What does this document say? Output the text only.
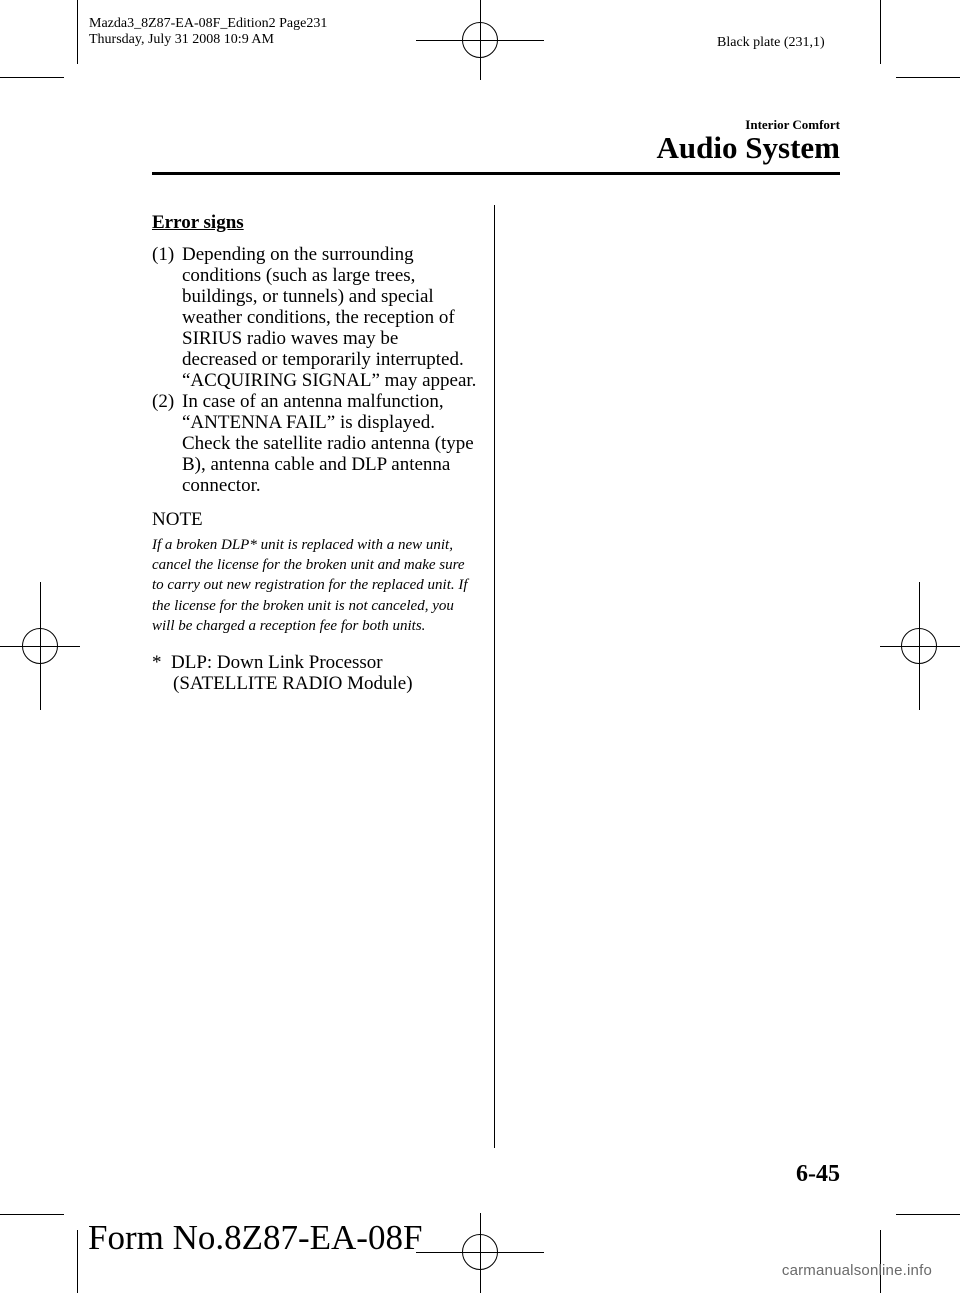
Mazda3_8Z87-EA-08F_Edition2 Page231
Thursday, July 31 2008 10:9 AM	Black plate (231,1)
Interior Comfort
Audio System
Error signs
(1) Depending on the surrounding conditions (such as large trees, buildings, or tunnels) and special weather conditions, the reception of SIRIUS radio waves may be decreased or temporarily interrupted. “ACQUIRING SIGNAL” may appear.
(2) In case of an antenna malfunction, “ANTENNA FAIL” is displayed. Check the satellite radio antenna (type B), antenna cable and DLP antenna connector.
NOTE
If a broken DLP* unit is replaced with a new unit, cancel the license for the broken unit and make sure to carry out new registration for the replaced unit. If the license for the broken unit is not canceled, you will be charged a reception fee for both units.
*  DLP: Down Link Processor
(SATELLITE RADIO Module)
6-45
Form No.8Z87-EA-08F
carmanualsonline.info
